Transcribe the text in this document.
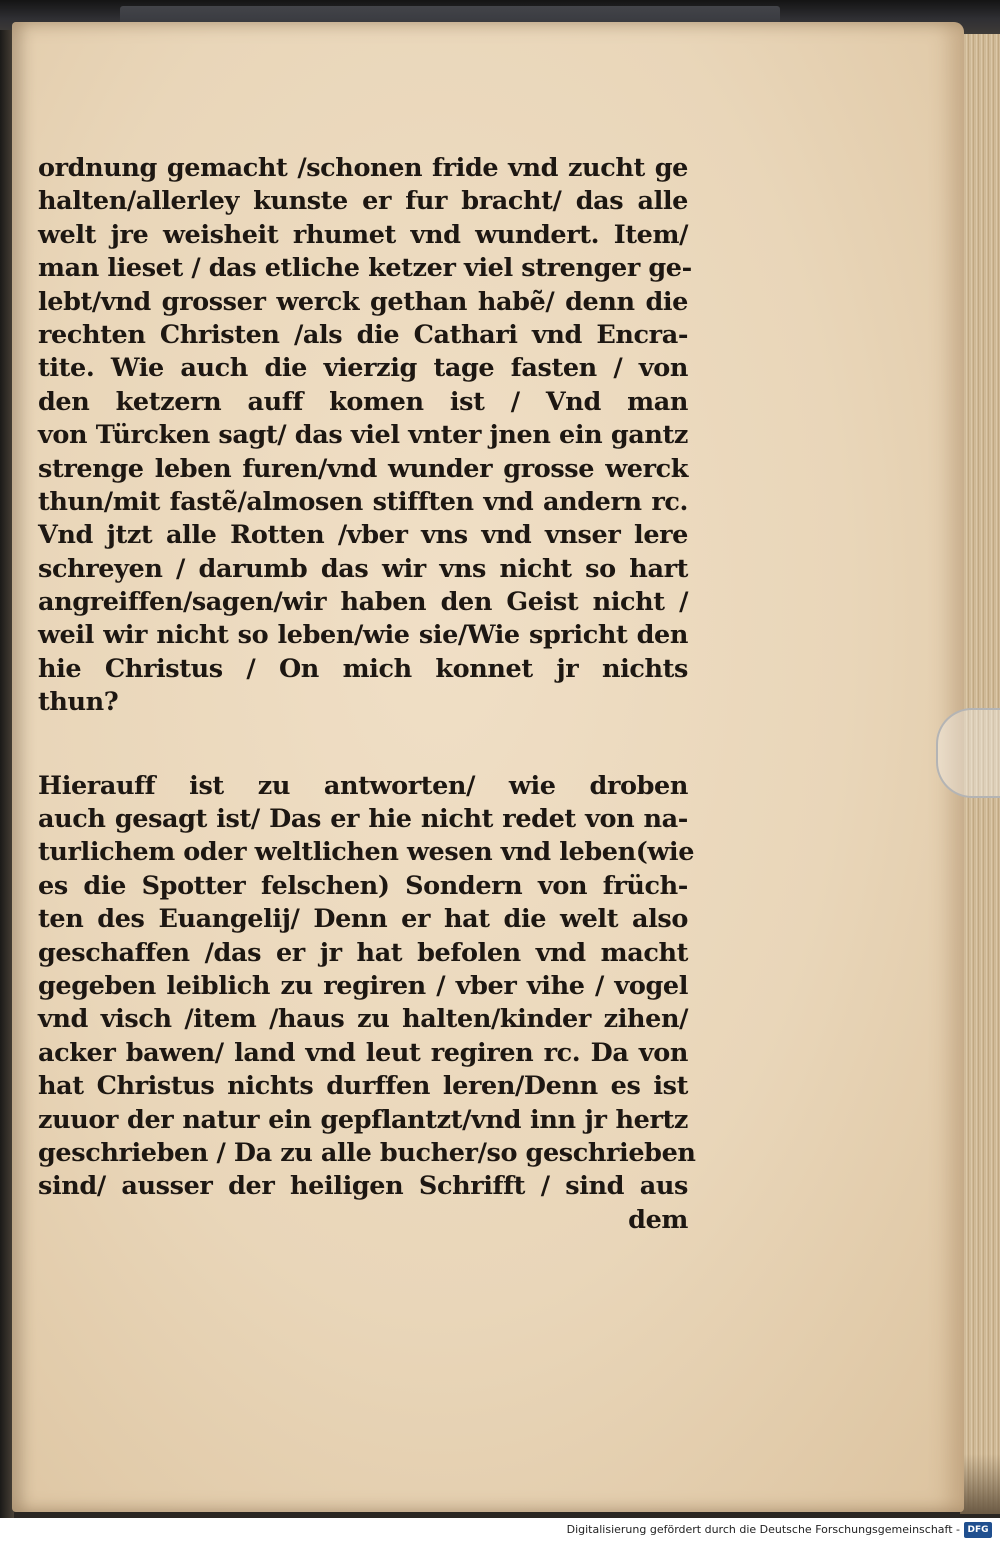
ordnung gemacht /schonen fride vnd zucht ge
halten/allerley kunste er fur bracht/ das alle
welt jre weisheit rhumet vnd wundert. Item/
man lieset / das etliche ketzer viel strenger ge-
lebt/vnd grosser werck gethan habẽ/ denn die
rechten Christen /als die Cathari vnd Encra-
tite. Wie auch die vierzig tage fasten / von
den ketzern auff komen ist / Vnd man
von Türcken sagt/ das viel vnter jnen ein gantz
strenge leben furen/vnd wunder grosse werck
thun/mit fastẽ/almosen stifften vnd andern rc.
Vnd jtzt alle Rotten /vber vns vnd vnser lere
schreyen / darumb das wir vns nicht so hart
angreiffen/sagen/wir haben den Geist nicht /
weil wir nicht so leben/wie sie/Wie spricht den
hie Christus / On mich konnet jr nichts
thun?
Hierauff ist zu antworten/ wie droben
auch gesagt ist/ Das er hie nicht redet von na-
turlichem oder weltlichen wesen vnd leben(wie
es die Spotter felschen) Sondern von früch-
ten des Euangelij/ Denn er hat die welt also
geschaffen /das er jr hat befolen vnd macht
gegeben leiblich zu regiren / vber vihe / vogel
vnd visch /item /haus zu halten/kinder zihen/
acker bawen/ land vnd leut regiren rc. Da von
hat Christus nichts durffen leren/Denn es ist
zuuor der natur ein gepflantzt/vnd inn jr hertz
geschrieben / Da zu alle bucher/so geschrieben
sind/ ausser der heiligen Schrifft / sind aus
dem
Digitalisierung gefördert durch die Deutsche Forschungsgemeinschaft - DFG
